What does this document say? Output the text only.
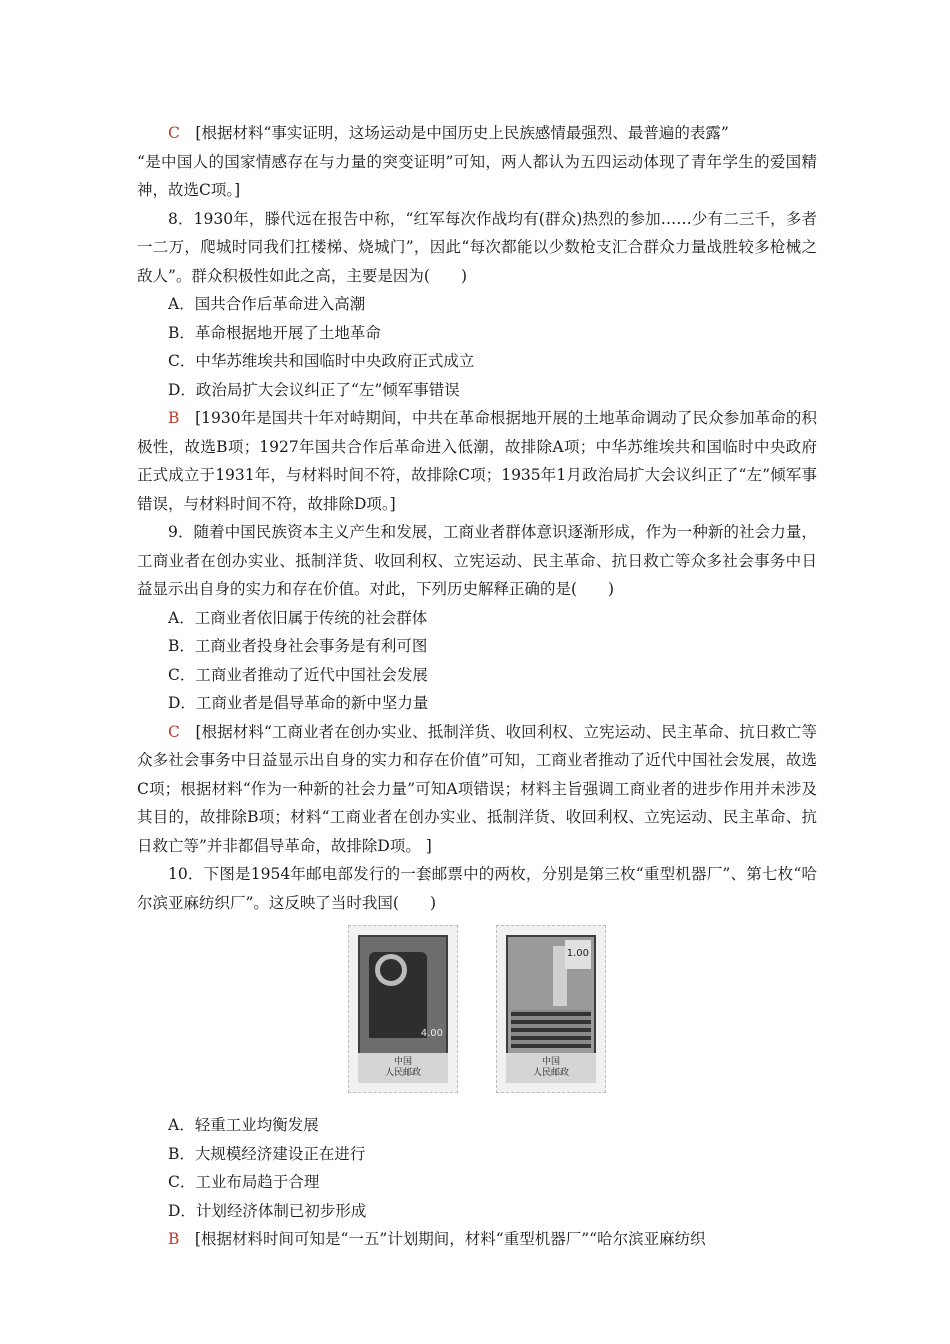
C　 [根据材料“事实证明，这场运动是中国历史上民族感情最强烈、最普遍的表露”

“是中国人的国家情感存在与力量的突变证明”可知，两人都认为五四运动体现了青年学生的爱国精神，故选C项。]

8．1930年，滕代远在报告中称，“红军每次作战均有(群众)热烈的参加……少有二三千，多者一二万，爬城时同我们扛楼梯、烧城门”，因此“每次都能以少数枪支汇合群众力量战胜较多枪械之敌人”。群众积极性如此之高，主要是因为(　　)

A．国共合作后革命进入高潮

B．革命根据地开展了土地革命

C．中华苏维埃共和国临时中央政府正式成立

D．政治局扩大会议纠正了“左”倾军事错误

B　 [1930年是国共十年对峙期间，中共在革命根据地开展的土地革命调动了民众参加革命的积极性，故选B项；1927年国共合作后革命进入低潮，故排除A项；中华苏维埃共和国临时中央政府正式成立于1931年，与材料时间不符，故排除C项；1935年1月政治局扩大会议纠正了“左”倾军事错误，与材料时间不符，故排除D项。]

9．随着中国民族资本主义产生和发展，工商业者群体意识逐渐形成，作为一种新的社会力量，工商业者在创办实业、抵制洋货、收回利权、立宪运动、民主革命、抗日救亡等众多社会事务中日益显示出自身的实力和存在价值。对此，下列历史解释正确的是(　　)

A．工商业者依旧属于传统的社会群体

B．工商业者投身社会事务是有利可图

C．工商业者推动了近代中国社会发展

D．工商业者是倡导革命的新中坚力量

C　 [根据材料“工商业者在创办实业、抵制洋货、收回利权、立宪运动、民主革命、抗日救亡等众多社会事务中日益显示出自身的实力和存在价值”可知，工商业者推动了近代中国社会发展，故选C项；根据材料“作为一种新的社会力量”可知A项错误；材料主旨强调工商业者的进步作用并未涉及其目的，故排除B项；材料“工商业者在创办实业、抵制洋货、收回利权、立宪运动、民主革命、抗日救亡等”并非都倡导革命，故排除D项。 ]

10．下图是1954年邮电部发行的一套邮票中的两枚，分别是第三枚“重型机器厂”、第七枚“哈尔滨亚麻纺织厂”。这反映了当时我国(　　)

4.00
中国
人民邮政
1.00
中国
人民邮政

A．轻重工业均衡发展

B．大规模经济建设正在进行

C．工业布局趋于合理

D．计划经济体制已初步形成

B　 [根据材料时间可知是“一五”计划期间，材料“重型机器厂”“哈尔滨亚麻纺织
